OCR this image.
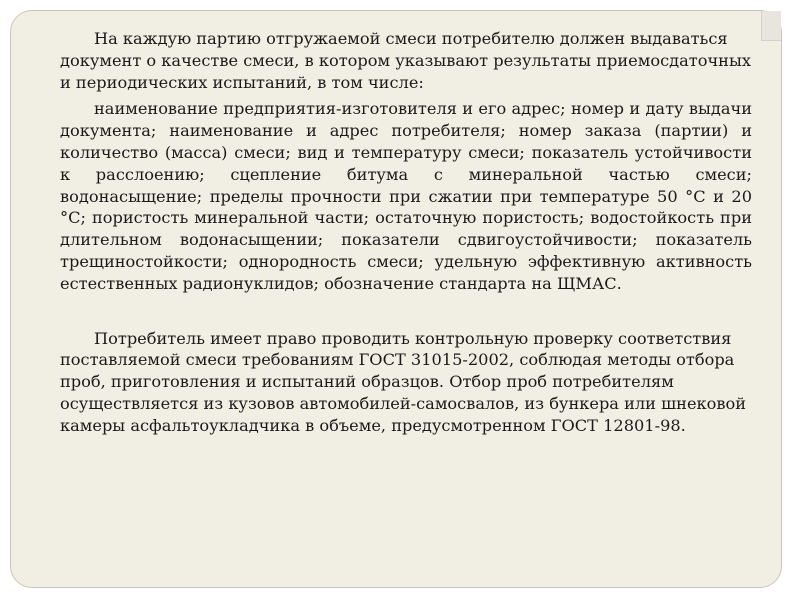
На каждую партию отгружаемой смеси потребителю должен выдаваться документ о качестве смеси, в котором указывают результаты приемосдаточных и периодических испытаний, в том числе:

наименование предприятия-изготовителя и его адрес; номер и дату выдачи документа; наименование и адрес потребителя; номер заказа (партии) и количество (масса) смеси; вид и температуру смеси; показатель устойчивости к расслоению; сцепление битума с минеральной частью смеси; водонасыщение; пределы прочности при сжатии при температуре 50 °С и 20 °С; пористость минеральной части; остаточную пористость; водостойкость при длительном водонасыщении; показатели сдвигоустойчивости; показатель трещиностойкости; однородность смеси; удельную эффективную активность естественных радионуклидов; обозначение стандарта на ЩМАС.

Потребитель имеет право проводить контрольную проверку соответствия поставляемой смеси требованиям ГОСТ 31015-2002, соблюдая методы отбора проб, приготовления и испытаний образцов. Отбор проб потребителям осуществляется из кузовов автомобилей-самосвалов, из бункера или шнековой камеры асфальтоукладчика в объеме, предусмотренном ГОСТ 12801-98.
